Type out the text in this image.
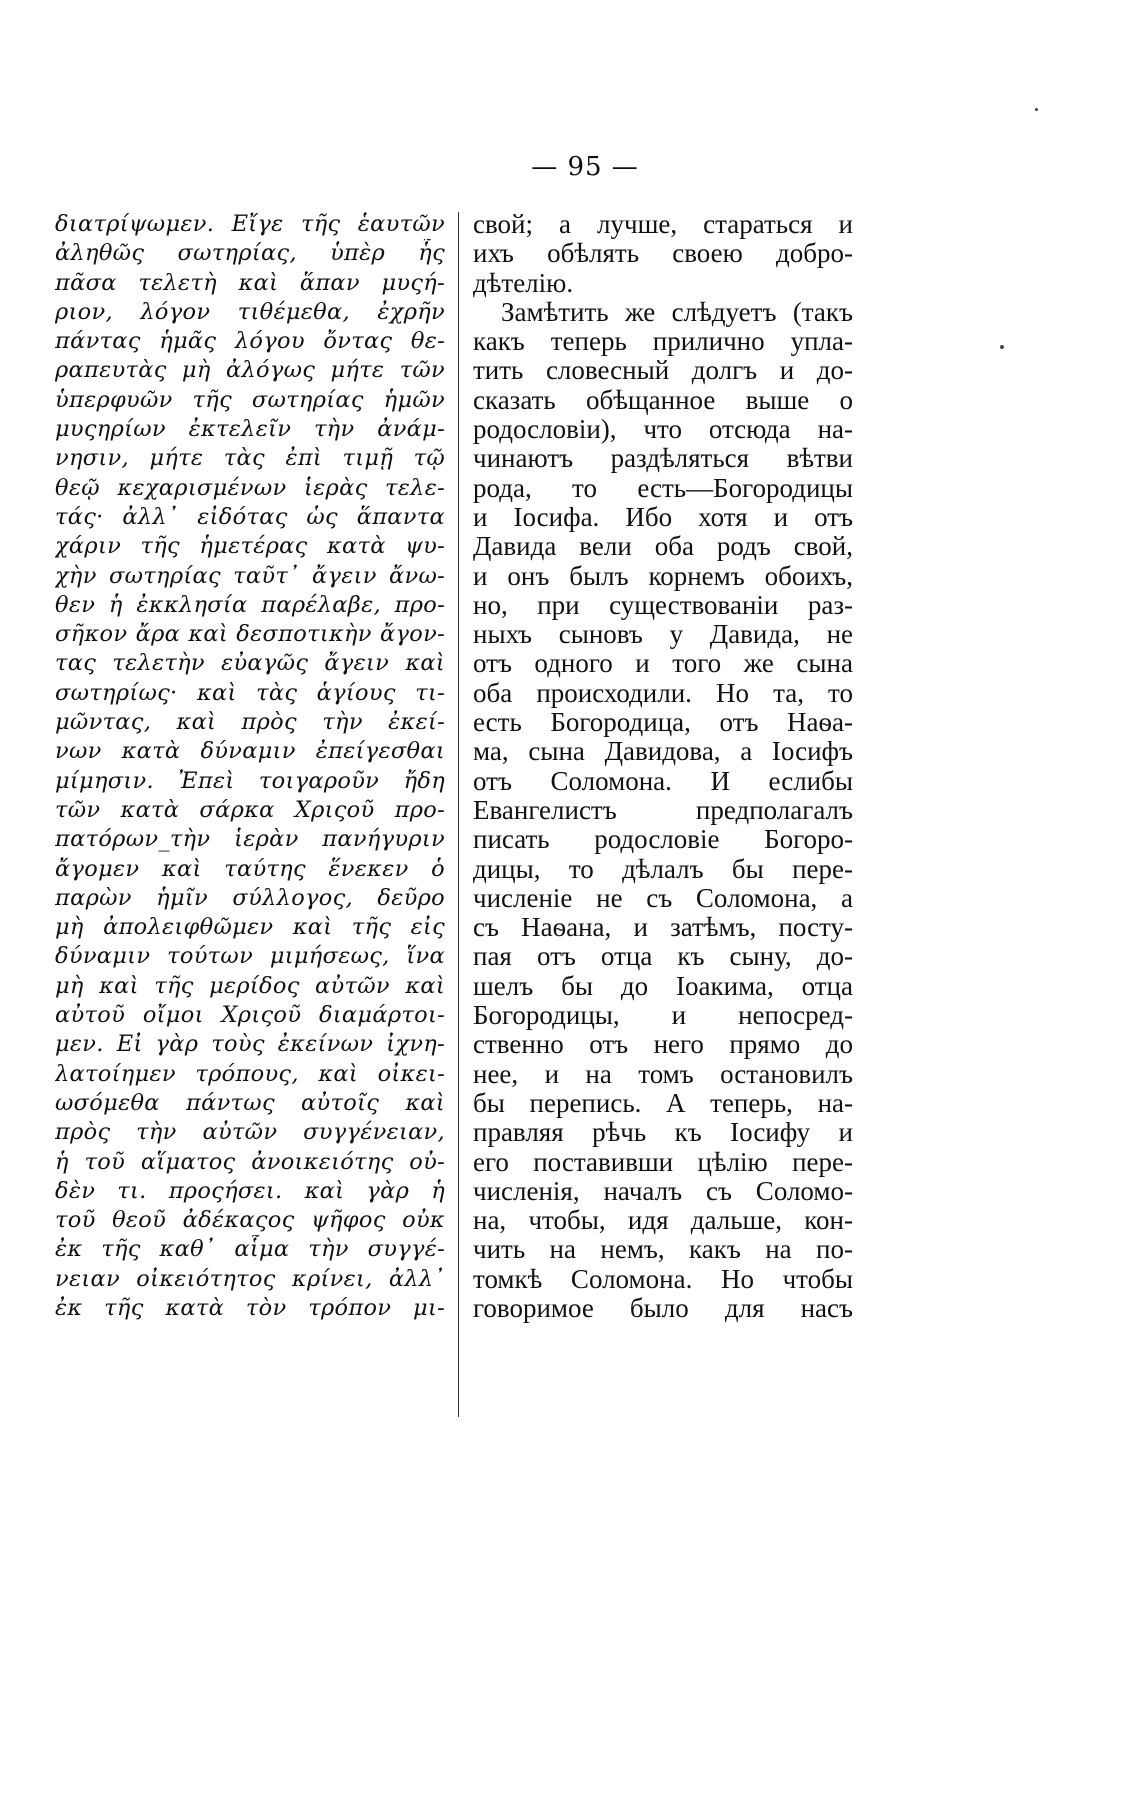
— 95 —
διατρίψωμεν. Εἴγε τῆς ἑαυτῶν
ἀληθῶς σωτηρίας, ὑπὲρ ἧς
πᾶσα τελετὴ καὶ ἅπαν μυςή-
ριον, λόγον τιθέμεθα, ἐχρῆν
πάντας ἡμᾶς λόγου ὄντας θε-
ραπευτὰς μὴ ἀλόγως μήτε τῶν
ὑπερφυῶν τῆς σωτηρίας ἡμῶν
μυςηρίων ἐκτελεῖν τὴν ἀνάμ-
νησιν, μήτε τὰς ἐπὶ τιμῇ τῷ
θεῷ κεχαρισμένων ἱερὰς τελε-
τάς· ἀλλ᾽ εἰδότας ὡς ἅπαντα
χάριν τῆς ἡμετέρας κατὰ ψυ-
χὴν σωτηρίας ταῦτ᾽ ἄγειν ἄνω-
θεν ἡ ἐκκλησία παρέλαβε, προ-
σῆκον ἄρα καὶ δεσποτικὴν ἄγον-
τας τελετὴν εὐαγῶς ἄγειν καὶ
σωτηρίως· καὶ τὰς ἁγίους τι-
μῶντας, καὶ πρὸς τὴν ἐκεί-
νων κατὰ δύναμιν ἐπείγεσθαι
μίμησιν. Ἐπεὶ τοιγαροῦν ἤδη
τῶν κατὰ σάρκα Χριςοῦ προ-
πατόρων_τὴν ἱερὰν πανήγυριν
ἄγομεν καὶ ταύτης ἕνεκεν ὁ
παρὼν ἡμῖν σύλλογος, δεῦρο
μὴ ἀπολειφθῶμεν καὶ τῆς εἰς
δύναμιν τούτων μιμήσεως, ἵνα
μὴ καὶ τῆς μερίδος αὐτῶν καὶ
αὐτοῦ οἴμοι Χριςοῦ διαμάρτοι-
μεν. Εἰ γὰρ τοὺς ἐκείνων ἰχνη-
λατοίημεν τρόπους, καὶ οἰκει-
ωσόμεθα πάντως αὐτοῖς καὶ
πρὸς τὴν αὐτῶν συγγένειαν,
ἡ τοῦ αἵματος ἀνοικειότης οὐ-
δὲν τι. προςήσει. καὶ γὰρ ἡ
τοῦ θεοῦ ἀδέκαςος ψῆφος οὐκ
ἐκ τῆς καθ᾽ αἷμα τὴν συγγέ-
νειαν οἰκειότητος κρίνει, ἀλλ᾽
ἐκ τῆς κατὰ τὸν τρόπον μι-
свой; а лучше, стараться и
ихъ обѣлять своею добро-
дѣтелію.
Замѣтить же слѣдуетъ (такъ
какъ теперь прилично упла-
тить словесный долгъ и до-
сказать обѣщанное выше о
родословіи), что отсюда на-
чинаютъ раздѣляться вѣтви
рода, то есть—Богородицы
и Іосифа. Ибо хотя и отъ
Давида вели оба родъ свой,
и онъ былъ корнемъ обоихъ,
но, при существованіи раз-
ныхъ сыновъ у Давида, не
отъ одного и того же сына
оба происходили. Но та, то
есть Богородица, отъ Наѳа-
ма, сына Давидова, а Іосифъ
отъ Соломона. И еслибы
Евангелистъ предполагалъ
писать родословіе Богоро-
дицы, то дѣлалъ бы пере-
численіе не съ Соломона, а
съ Наѳана, и затѣмъ, посту-
пая отъ отца къ сыну, до-
шелъ бы до Іоакима, отца
Богородицы, и непосред-
ственно отъ него прямо до
нее, и на томъ остановилъ
бы перепись. А теперь, на-
правляя рѣчь къ Іосифу и
его поставивши цѣлію пере-
численія, началъ съ Соломо-
на, чтобы, идя дальше, кон-
чить на немъ, какъ на по-
томкѣ Соломона. Но чтобы
говоримое было для насъ
